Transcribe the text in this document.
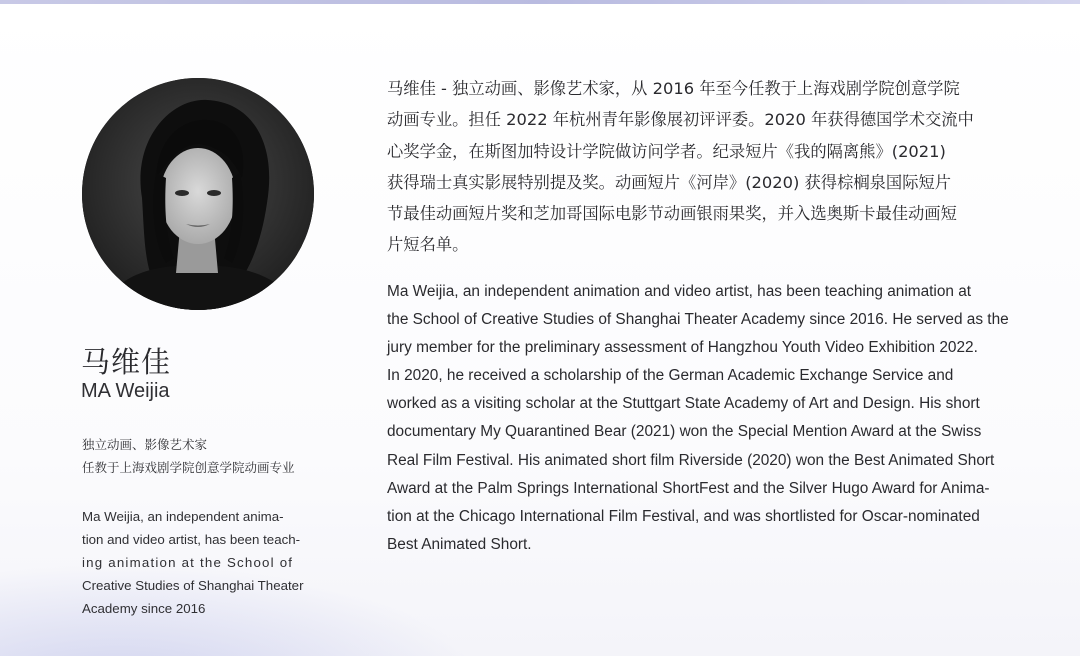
马维佳
MA Weijia
独立动画、影像艺术家
任教于上海戏剧学院创意学院动画专业
Ma Weijia, an independent anima-
tion and video artist, has been teach-
ing animation at the School of
Creative Studies of Shanghai Theater
Academy since 2016
马维佳 - 独立动画、影像艺术家，从 2016 年至今任教于上海戏剧学院创意学院
动画专业。担任 2022 年杭州青年影像展初评评委。2020 年获得德国学术交流中
心奖学金，在斯图加特设计学院做访问学者。纪录短片《我的隔离熊》(2021)
获得瑞士真实影展特别提及奖。动画短片《河岸》(2020) 获得棕榈泉国际短片
节最佳动画短片奖和芝加哥国际电影节动画银雨果奖，并入选奥斯卡最佳动画短
片短名单。
Ma Weijia, an independent animation and video artist, has been teaching animation at
the School of Creative Studies of Shanghai Theater Academy since 2016. He served as the
jury member for the preliminary assessment of Hangzhou Youth Video Exhibition 2022.
In 2020, he received a scholarship of the German Academic Exchange Service and
worked as a visiting scholar at the Stuttgart State Academy of Art and Design. His short
documentary My Quarantined Bear (2021) won the Special Mention Award at the Swiss
Real Film Festival. His animated short film Riverside (2020) won the Best Animated Short
Award at the Palm Springs International ShortFest and the Silver Hugo Award for Anima-
tion at the Chicago International Film Festival, and was shortlisted for Oscar-nominated
Best Animated Short.
